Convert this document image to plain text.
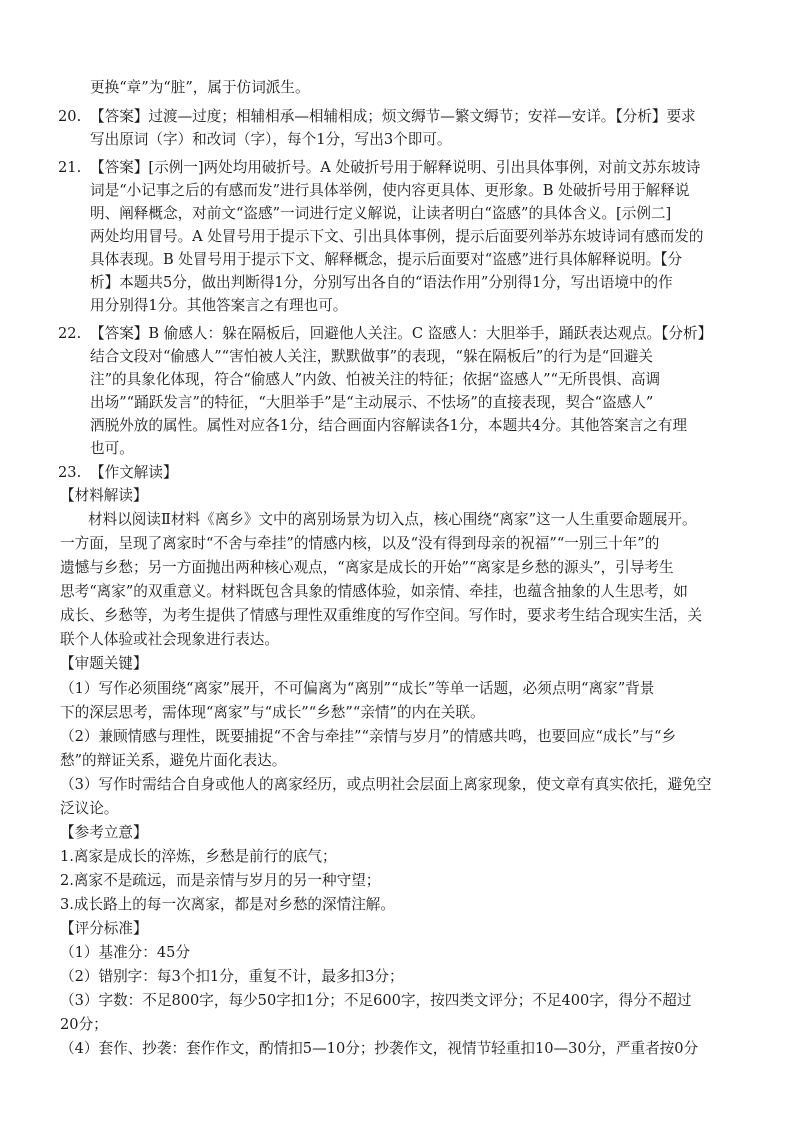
更换“章”为“脏”，属于仿词派生。
20. 【答案】过渡—过度；相辅相承—相辅相成；烦文缛节—繁文缛节；安祥—安详。【分析】要求
写出原词（字）和改词（字），每个1分，写出3个即可。
21. 【答案】[示例一]两处均用破折号。A 处破折号用于解释说明、引出具体事例，对前文苏东坡诗
词是“小记事之后的有感而发”进行具体举例，使内容更具体、更形象。B 处破折号用于解释说
明、阐释概念，对前文“盗感”一词进行定义解说，让读者明白“盗感”的具体含义。[示例二]
两处均用冒号。A 处冒号用于提示下文、引出具体事例，提示后面要列举苏东坡诗词有感而发的
具体表现。B 处冒号用于提示下文、解释概念，提示后面要对“盗感”进行具体解释说明。【分
析】本题共5分，做出判断得1分，分别写出各自的“语法作用”分别得1分，写出语境中的作
用分别得1分。其他答案言之有理也可。
22. 【答案】B 偷感人：躲在隔板后，回避他人关注。C 盗感人：大胆举手，踊跃表达观点。【分析】
结合文段对“偷感人”“害怕被人关注，默默做事”的表现，“躲在隔板后”的行为是“回避关
注”的具象化体现，符合“偷感人”内敛、怕被关注的特征；依据“盗感人”“无所畏惧、高调
出场”“踊跃发言”的特征，“大胆举手”是“主动展示、不怯场”的直接表现，契合“盗感人”
洒脱外放的属性。属性对应各1分，结合画面内容解读各1分，本题共4分。其他答案言之有理
也可。
23. 【作文解读】
【材料解读】
材料以阅读Ⅱ材料《离乡》文中的离别场景为切入点，核心围绕“离家”这一人生重要命题展开。
一方面，呈现了离家时“不舍与牵挂”的情感内核，以及“没有得到母亲的祝福”“一别三十年”的
遗憾与乡愁；另一方面抛出两种核心观点，“离家是成长的开始”“离家是乡愁的源头”，引导考生
思考“离家”的双重意义。材料既包含具象的情感体验，如亲情、牵挂，也蕴含抽象的人生思考，如
成长、乡愁等，为考生提供了情感与理性双重维度的写作空间。写作时，要求考生结合现实生活，关
联个人体验或社会现象进行表达。
【审题关键】
（1）写作必须围绕“离家”展开，不可偏离为“离别”“成长”等单一话题，必须点明“离家”背景
下的深层思考，需体现“离家”与“成长”“乡愁”“亲情”的内在关联。
（2）兼顾情感与理性，既要捕捉“不舍与牵挂”“亲情与岁月”的情感共鸣，也要回应“成长”与“乡
愁”的辩证关系，避免片面化表达。
（3）写作时需结合自身或他人的离家经历，或点明社会层面上离家现象，使文章有真实依托，避免空
泛议论。
【参考立意】
1.离家是成长的淬炼，乡愁是前行的底气；
2.离家不是疏远，而是亲情与岁月的另一种守望；
3.成长路上的每一次离家，都是对乡愁的深情注解。
【评分标准】
（1）基准分：45分
（2）错别字：每3个扣1分，重复不计，最多扣3分；
（3）字数：不足800字，每少50字扣1分；不足600字，按四类文评分；不足400字，得分不超过
20分；
（4）套作、抄袭：套作作文，酌情扣5—10分；抄袭作文，视情节轻重扣10—30分，严重者按0分
